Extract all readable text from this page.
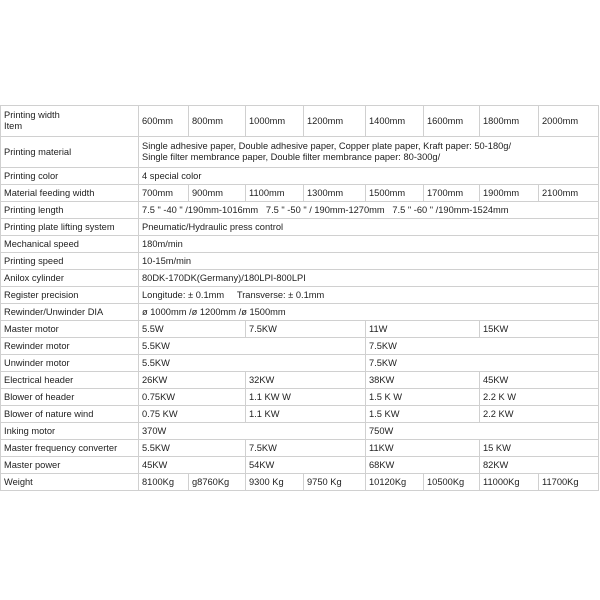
Printing width
Item	600mm	800mm	1000mm	1200mm	1400mm	1600mm	1800mm	2000mm
Printing material	Single adhesive paper, Double adhesive paper, Copper plate paper, Kraft paper: 50-180g/
Single filter membrance paper, Double filter membrance paper: 80-300g/							

Printing color	4 special color							
Material feeding width	700mm	900mm	1100mm	1300mm	1500mm	1700mm	1900mm	2100mm
Printing length	7.5 " -40 " /190mm-1016mm 7.5 " -50 " / 190mm-1270mm 7.5 " -60 " /190mm-1524mm							
Printing plate lifting system	Pneumatic/Hydraulic press control							
Mechanical speed	180m/min							
Printing speed	10-15m/min							
Anilox cylinder	80DK-170DK(Germany)/180LPI-800LPI							
Register precision	Longitude: ± 0.1mm Transverse: ± 0.1mm							
Rewinder/Unwinder DIA	ø 1000mm /ø 1200mm /ø 1500mm							
Master motor	5.5W		7.5KW		11W		15KW	
Rewinder motor	5.5KW				7.5KW			
Unwinder motor	5.5KW				7.5KW			
Electrical header	26KW		32KW		38KW		45KW	
Blower of header	0.75KW		1.1 KW W		1.5 K W		2.2 K W	
Blower of nature wind	0.75 KW		1.1 KW		1.5 KW		2.2 KW	
Inking motor	370W				750W			
Master frequency converter	5.5KW		7.5KW		11KW		15 KW	
Master power	45KW		54KW		68KW		82KW	
Weight	8100Kg	g8760Kg	9300 Kg	9750 Kg	10120Kg	10500Kg	11000Kg	11700Kg
